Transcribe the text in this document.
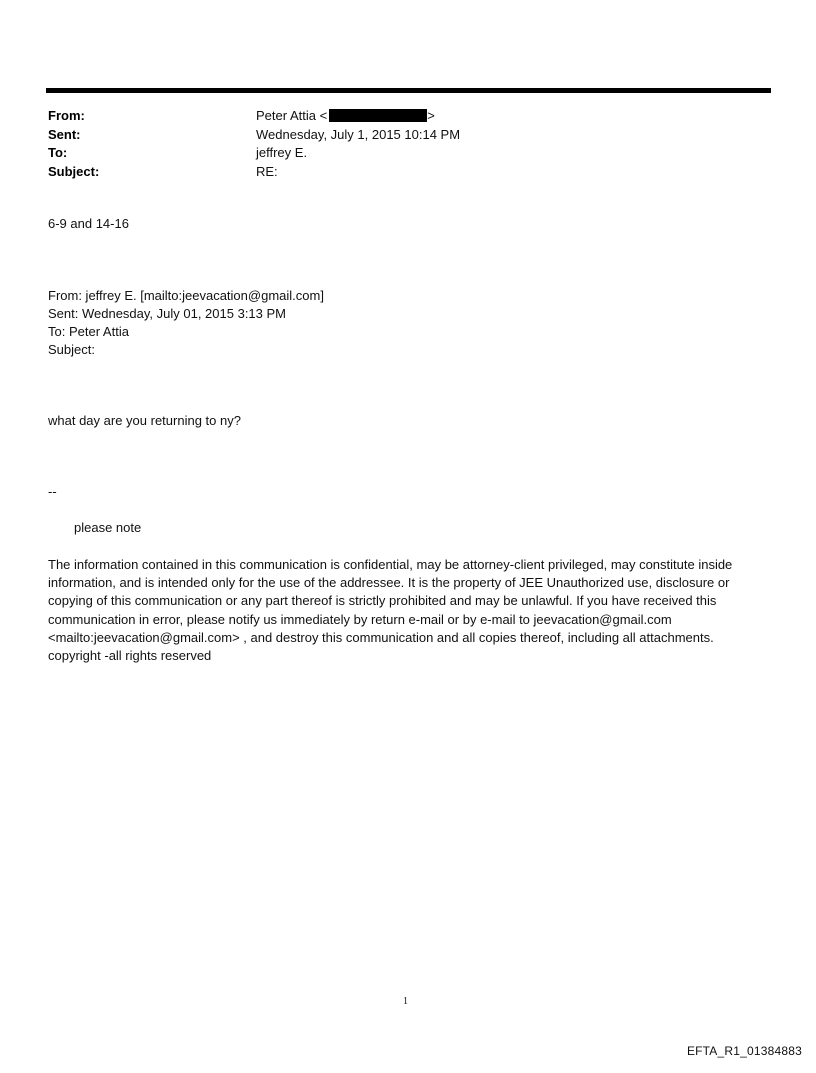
From:	Peter Attia <	>
Sent:	Wednesday, July 1, 2015 10:14 PM
To:	jeffrey E.
Subject:	RE:
6-9 and 14-16
From: jeffrey E. [mailto:jeevacation@gmail.com]
Sent: Wednesday, July 01, 2015 3:13 PM
To: Peter Attia
Subject:
what day are you returning to ny?
--
please note
The information contained in this communication is confidential, may be attorney-client privileged, may constitute inside information, and is intended only for the use of the addressee. It is the property of JEE Unauthorized use, disclosure or copying of this communication or any part thereof is strictly prohibited and may be unlawful. If you have received this communication in error, please notify us immediately by return e-mail or by e-mail to jeevacation@gmail.com <mailto:jeevacation@gmail.com> , and destroy this communication and all copies thereof, including all attachments. copyright -all rights reserved
1
EFTA_R1_01384883
